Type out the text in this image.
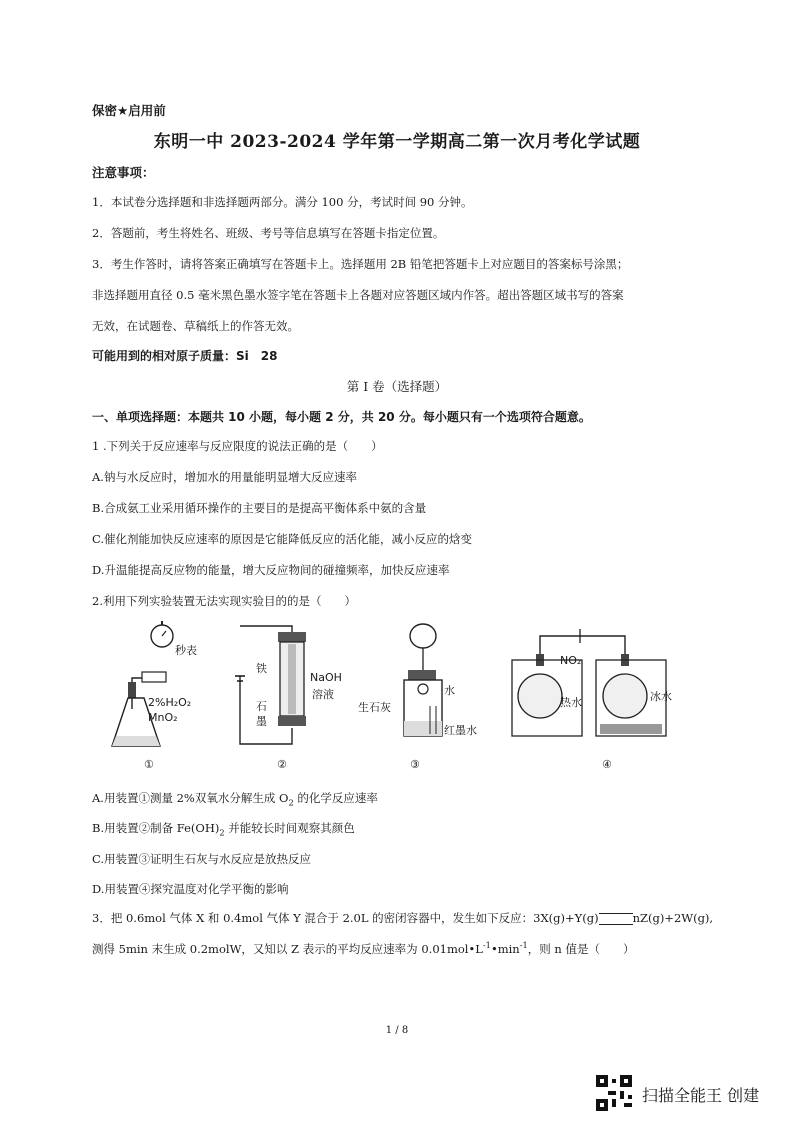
保密★启用前
东明一中 2023-2024 学年第一学期高二第一次月考化学试题
注意事项：
1．本试卷分选择题和非选择题两部分。满分 100 分，考试时间 90 分钟。
2．答题前，考生将姓名、班级、考号等信息填写在答题卡指定位置。
3．考生作答时，请将答案正确填写在答题卡上。选择题用 2B 铅笔把答题卡上对应题目的答案标号涂黑；
非选择题用直径 0.5 毫米黑色墨水签字笔在答题卡上各题对应答题区域内作答。超出答题区域书写的答案
无效，在试题卷、草稿纸上的作答无效。
可能用到的相对原子质量：Si　28
第 I 卷（选择题）
一、单项选择题：本题共 10 小题，每小题 2 分，共 20 分。每小题只有一个选项符合题意。
1 .下列关于反应速率与反应限度的说法正确的是（　　）
A.钠与水反应时，增加水的用量能明显增大反应速率
B.合成氨工业采用循环操作的主要目的是提高平衡体系中氨的含量
C.催化剂能加快反应速率的原因是它能降低反应的活化能，减小反应的焓变
D.升温能提高反应物的能量，增大反应物间的碰撞频率，加快反应速率
2.利用下列实验装置无法实现实验目的的是（　　）
秒表
2%H₂O₂
MnO₂
①
铁
石
墨
NaOH
溶液
②
生石灰
水
红墨水
③
NO₂
热水	冰水
④
A.用装置①测量 2%双氧水分解生成 $O_2$ 的化学反应速率
B.用装置②制备 $Fe(OH)_2$ 并能较长时间观察其颜色
C.用装置③证明生石灰与水反应是放热反应
D.用装置④探究温度对化学平衡的影响
3．把 0.6mol 气体 X 和 0.4mol 气体 Y 混合于 2.0L 的密闭容器中，发生如下反应：3X(g)+Y(g)	nZ(g)+2W(g),
测得 5min 末生成 0.2molW，又知以 Z 表示的平均反应速率为 $0.01mol•L^{-1}•\min^{-1}$，则 n 值是（　　）
1 / 8
扫描全能王 创建
